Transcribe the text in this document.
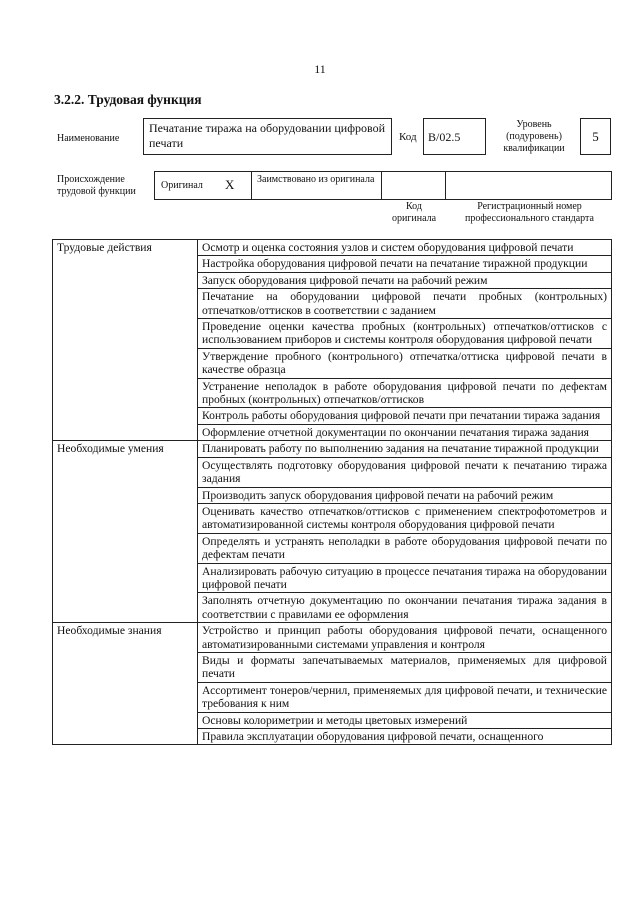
11
3.2.2. Трудовая функция
Наименование
Печатание тиража на оборудовании цифровой печати	Код B/02.5
Уровень (подуровень) квалификации
5
Происхождение трудовой функции
Оригинал X Заимствовано из оригинала
Код оригинала
Регистрационный номер профессионального стандарта
Трудовые действия	Осмотр и оценка состояния узлов и систем оборудования цифровой печати
	Настройка оборудования цифровой печати на печатание тиражной продукции
	Запуск оборудования цифровой печати на рабочий режим
	Печатание на оборудовании цифровой печати пробных (контрольных) отпечатков/оттисков в соответствии с заданием
	Проведение оценки качества пробных (контрольных) отпечатков/оттисков с использованием приборов и системы контроля оборудования цифровой печати
	Утверждение пробного (контрольного) отпечатка/оттиска цифровой печати в качестве образца
	Устранение неполадок в работе оборудования цифровой печати по дефектам пробных (контрольных) отпечатков/оттисков
	Контроль работы оборудования цифровой печати при печатании тиража задания
	Оформление отчетной документации по окончании печатания тиража задания
Необходимые умения	Планировать работу по выполнению задания на печатание тиражной продукции
	Осуществлять подготовку оборудования цифровой печати к печатанию тиража задания
	Производить запуск оборудования цифровой печати на рабочий режим
	Оценивать качество отпечатков/оттисков с применением спектрофотометров и автоматизированной системы контроля оборудования цифровой печати
	Определять и устранять неполадки в работе оборудования цифровой печати по дефектам печати
	Анализировать рабочую ситуацию в процессе печатания тиража на оборудовании цифровой печати
	Заполнять отчетную документацию по окончании печатания тиража задания в соответствии с правилами ее оформления
Необходимые знания	Устройство и принцип работы оборудования цифровой печати, оснащенного автоматизированными системами управления и контроля
	Виды и форматы запечатываемых материалов, применяемых для цифровой печати
	Ассортимент тонеров/чернил, применяемых для цифровой печати, и технические требования к ним
	Основы колориметрии и методы цветовых измерений
	Правила эксплуатации оборудования цифровой печати, оснащенного
